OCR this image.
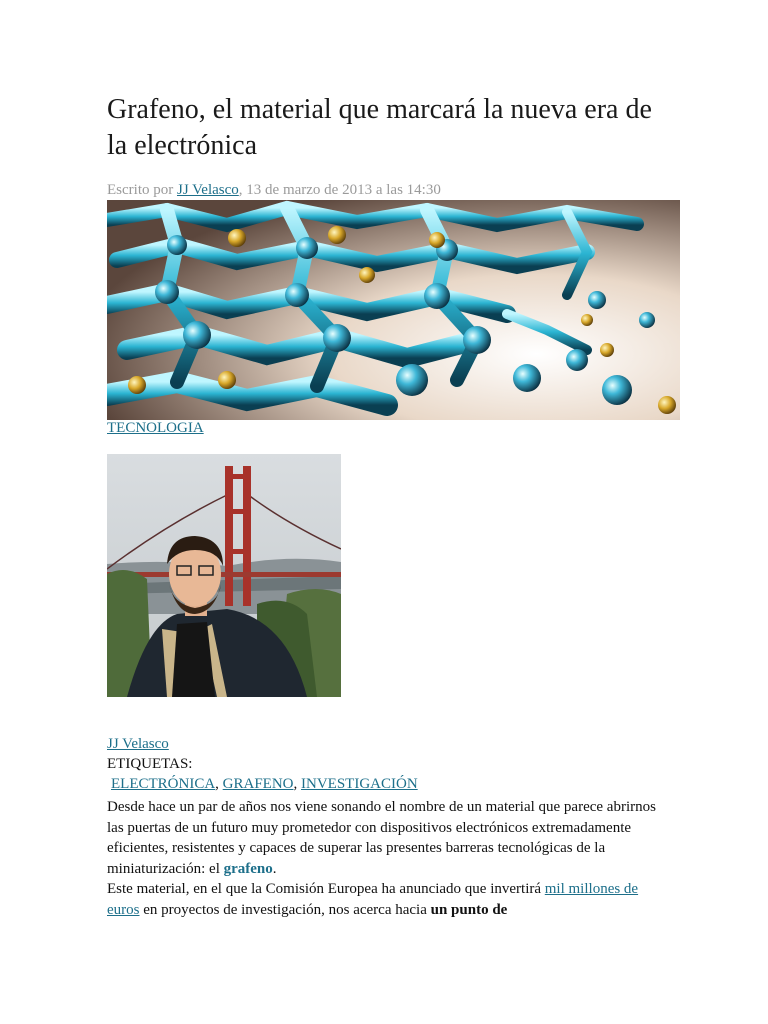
Grafeno, el material que marcará la nueva era de la electrónica
Escrito por JJ Velasco, 13 de marzo de 2013 a las 14:30
TECNOLOGIA
JJ Velasco
ETIQUETAS:
ELECTRÓNICA, GRAFENO, INVESTIGACIÓN

Desde hace un par de años nos viene sonando el nombre de un material que parece abrirnos las puertas de un futuro muy prometedor con dispositivos electrónicos extremadamente eficientes, resistentes y capaces de superar las presentes barreras tecnológicas de la miniaturización: el grafeno.

Este material, en el que la Comisión Europea ha anunciado que invertirá mil millones de euros en proyectos de investigación, nos acerca hacia un punto de
